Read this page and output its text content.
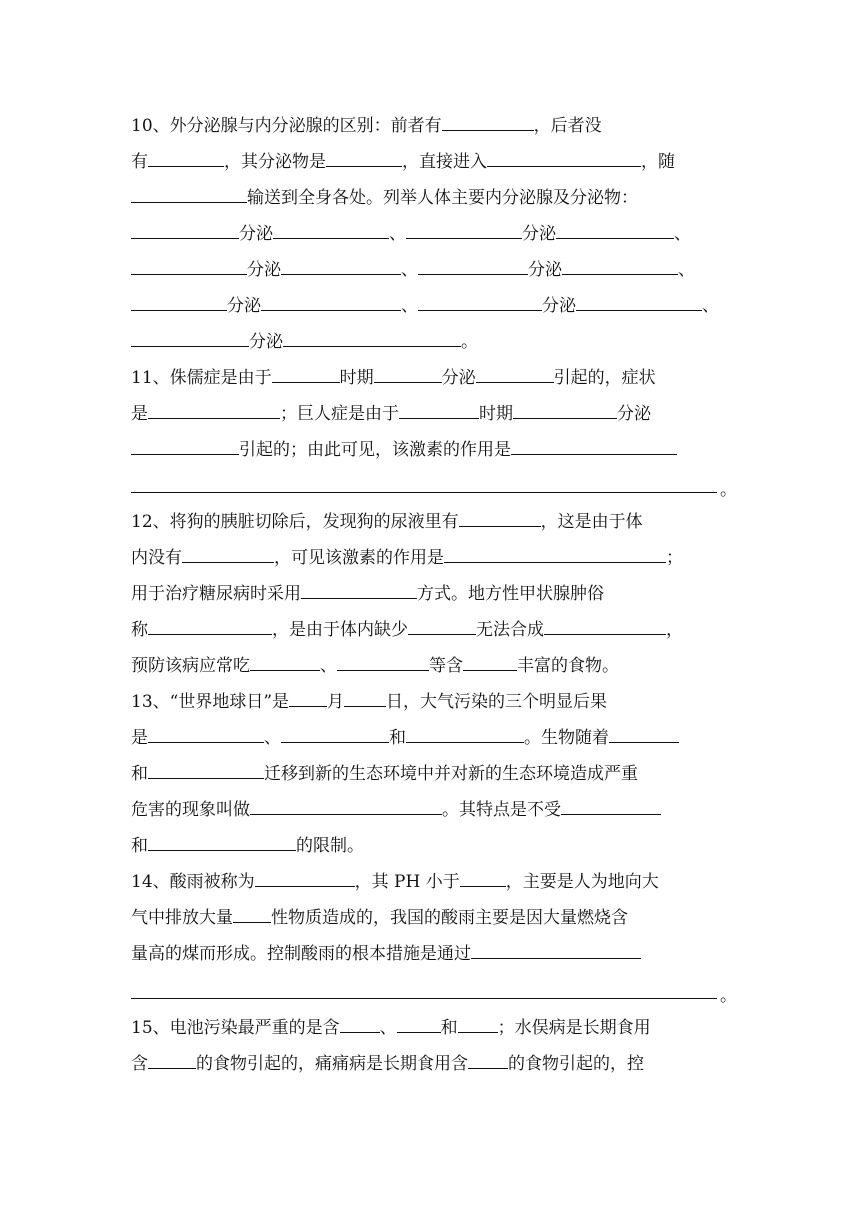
10、外分泌腺与内分泌腺的区别：前者有	，后者没
有	，其分泌物是	，直接进入	，随
输送到全身各处。列举人体主要内分泌腺及分泌物：
分泌	、	分泌	、
分泌	、	分泌	、
分泌	、	分泌	、
分泌	。
11、侏儒症是由于	时期	分泌	引起的，症状
是	；巨人症是由于	时期	分泌
引起的；由此可见，该激素的作用是
。
12、将狗的胰脏切除后，发现狗的尿液里有	，这是由于体
内没有	，可见该激素的作用是	；
用于治疗糖尿病时采用	方式。地方性甲状腺肿俗
称	，是由于体内缺少	无法合成	，
预防该病应常吃	、	等含	丰富的食物。
13、“世界地球日”是 月 日，大气污染的三个明显后果
是	、	和	。生物随着
和	迁移到新的生态环境中并对新的生态环境造成严重
危害的现象叫做	。其特点是不受
和	的限制。
14、酸雨被称为	，其 PH 小于	，主要是人为地向大
气中排放大量 性物质造成的，我国的酸雨主要是因大量燃烧含
量高的煤而形成。控制酸雨的根本措施是通过
。
15、电池污染最严重的是含 、	和 ；水俣病是长期食用
含	的食物引起的，痛痛病是长期食用含 的食物引起的，控
